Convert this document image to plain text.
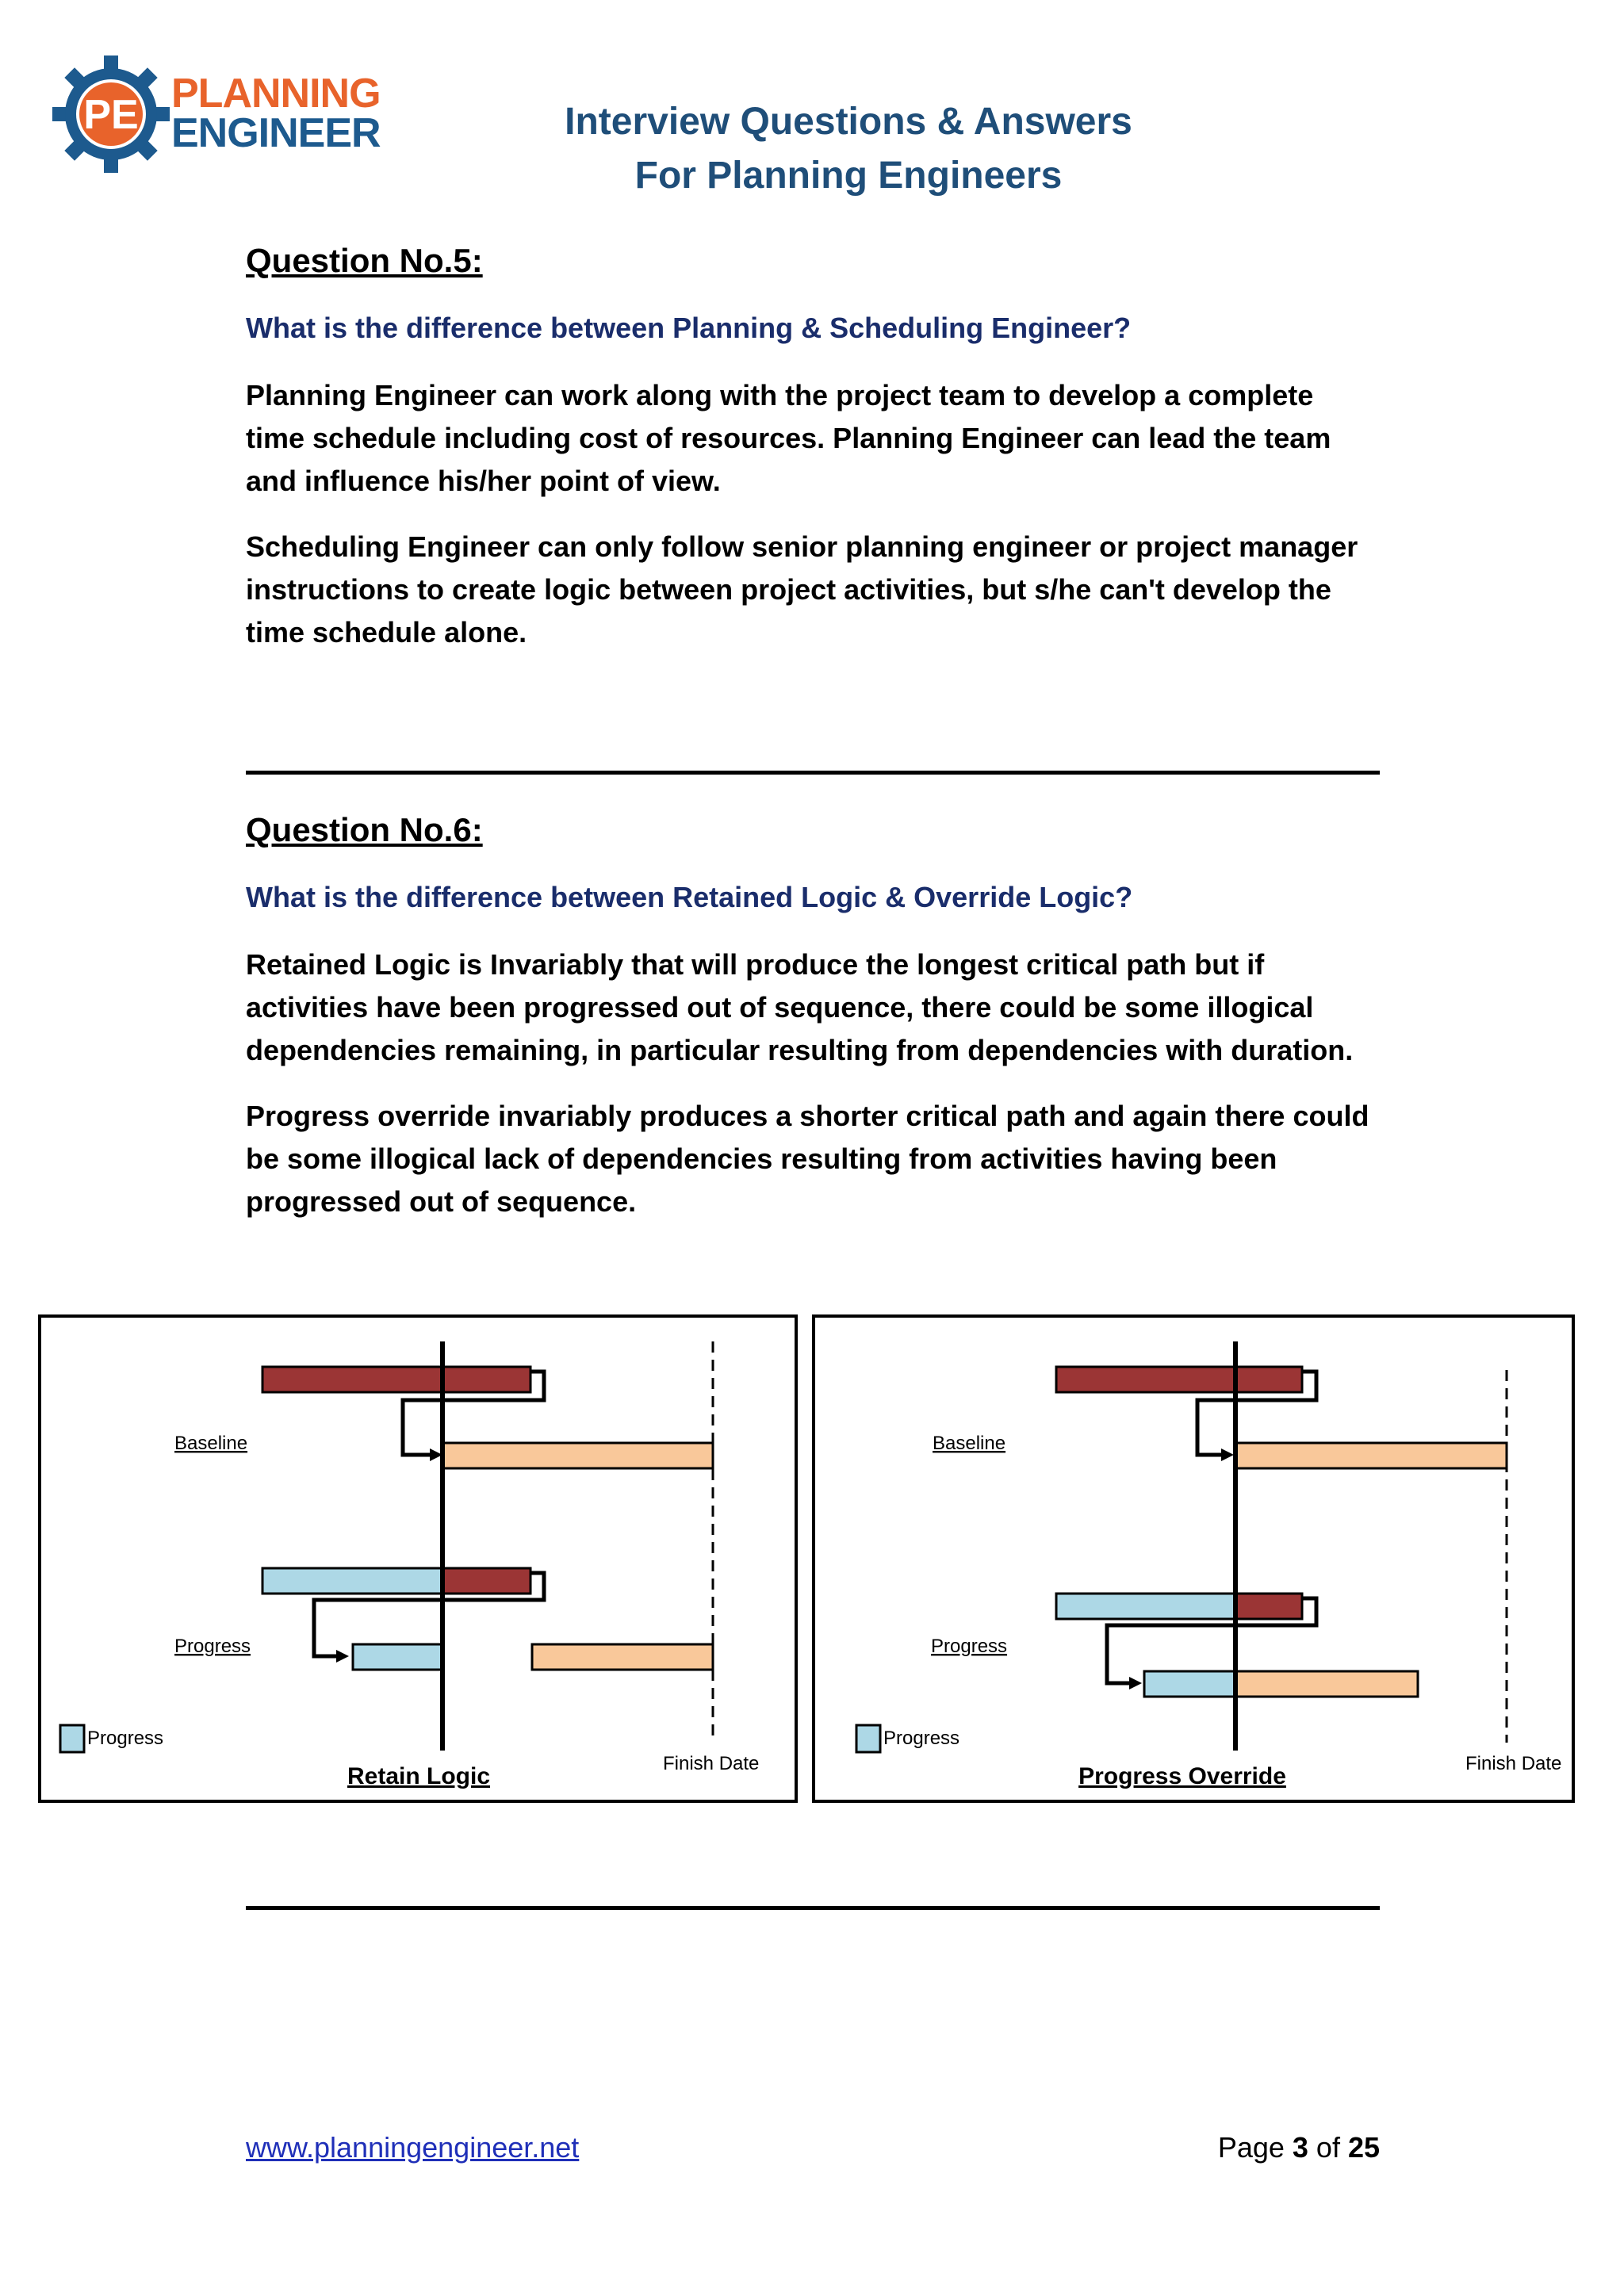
PE PLANNING
ENGINEER	Interview Questions & Answers
For Planning Engineers

Question No.5:

What is the difference between Planning & Scheduling Engineer?

Planning Engineer can work along with the project team to develop a complete time schedule including cost of resources. Planning Engineer can lead the team and influence his/her point of view.

Scheduling Engineer can only follow senior planning engineer or project manager instructions to create logic between project activities, but s/he can't develop the time schedule alone.

Question No.6:

What is the difference between Retained Logic & Override Logic?

Retained Logic is Invariably that will produce the longest critical path but if activities have been progressed out of sequence, there could be some illogical dependencies remaining, in particular resulting from dependencies with duration.

Progress override invariably produces a shorter critical path and again there could be some illogical lack of dependencies resulting from activities having been progressed out of sequence.

Baseline
Progress
Progress
Finish Date
Retain Logic
Baseline
Progress
Progress
Finish Date
Progress Override
www.planningengineer.net	Page 3 of 25
